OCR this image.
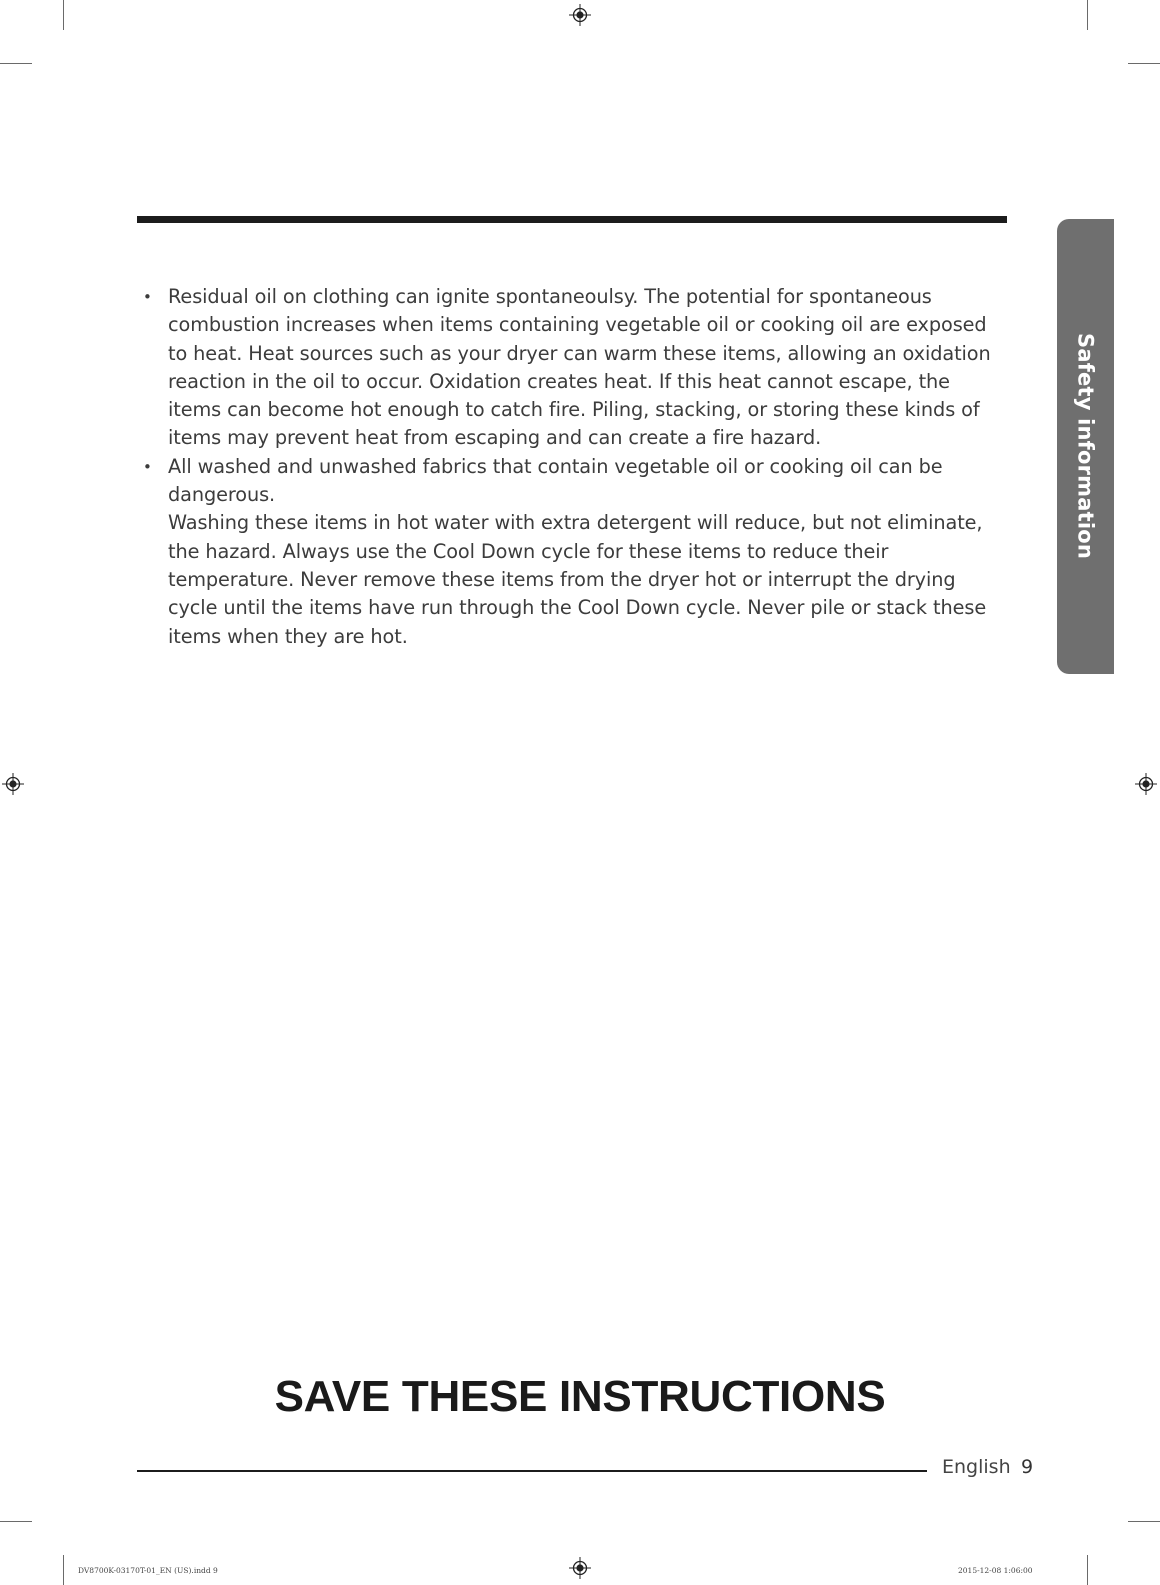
• Residual oil on clothing can ignite spontaneoulsy. The potential for spontaneous combustion increases when items containing vegetable oil or cooking oil are exposed to heat. Heat sources such as your dryer can warm these items, allowing an oxidation reaction in the oil to occur. Oxidation creates heat. If this heat cannot escape, the items can become hot enough to catch fire. Piling, stacking, or storing these kinds of items may prevent heat from escaping and can create a fire hazard.

• All washed and unwashed fabrics that contain vegetable oil or cooking oil can be dangerous.

Washing these items in hot water with extra detergent will reduce, but not eliminate, the hazard. Always use the Cool Down cycle for these items to reduce their temperature. Never remove these items from the dryer hot or interrupt the drying cycle until the items have run through the Cool Down cycle. Never pile or stack these items when they are hot.

Safety information
SAVE THESE INSTRUCTIONS
English 9
DV8700K-03170T-01_EN (US).indd 9	2015-12-08 1:06:00
